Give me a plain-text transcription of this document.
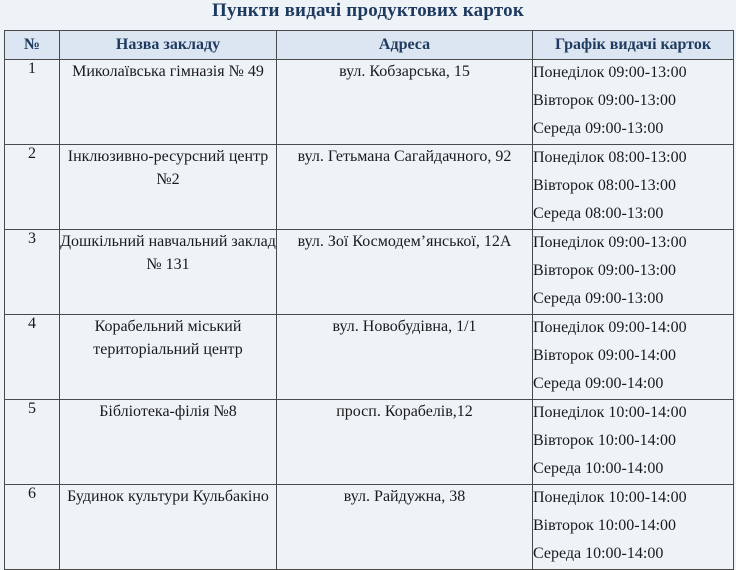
Пункти видачі продуктових карток
№	Назва закладу	Адреса	Графік видачі карток
1	Миколаївська гімназія № 49	вул. Кобзарська, 15	Понеділок 09:00-13:00
Вівторок 09:00-13:00
Середа 09:00-13:00

2	Інклюзивно-ресурсний центр №2	вул. Гетьмана Сагайдачного, 92	Понеділок 08:00-13:00
Вівторок 08:00-13:00
Середа 08:00-13:00

3	Дошкільний навчальний заклад № 131	вул. Зої Космодем’янської, 12А	Понеділок 09:00-13:00
Вівторок 09:00-13:00
Середа 09:00-13:00

4	Корабельний міський територіальний центр	вул. Новобудівна, 1/1	Понеділок 09:00-14:00
Вівторок 09:00-14:00
Середа 09:00-14:00

5	Бібліотека-філія №8	просп. Корабелів,12	Понеділок 10:00-14:00
Вівторок 10:00-14:00
Середа 10:00-14:00

6	Будинок культури Кульбакіно	вул. Райдужна, 38	Понеділок 10:00-14:00
Вівторок 10:00-14:00
Середа 10:00-14:00
